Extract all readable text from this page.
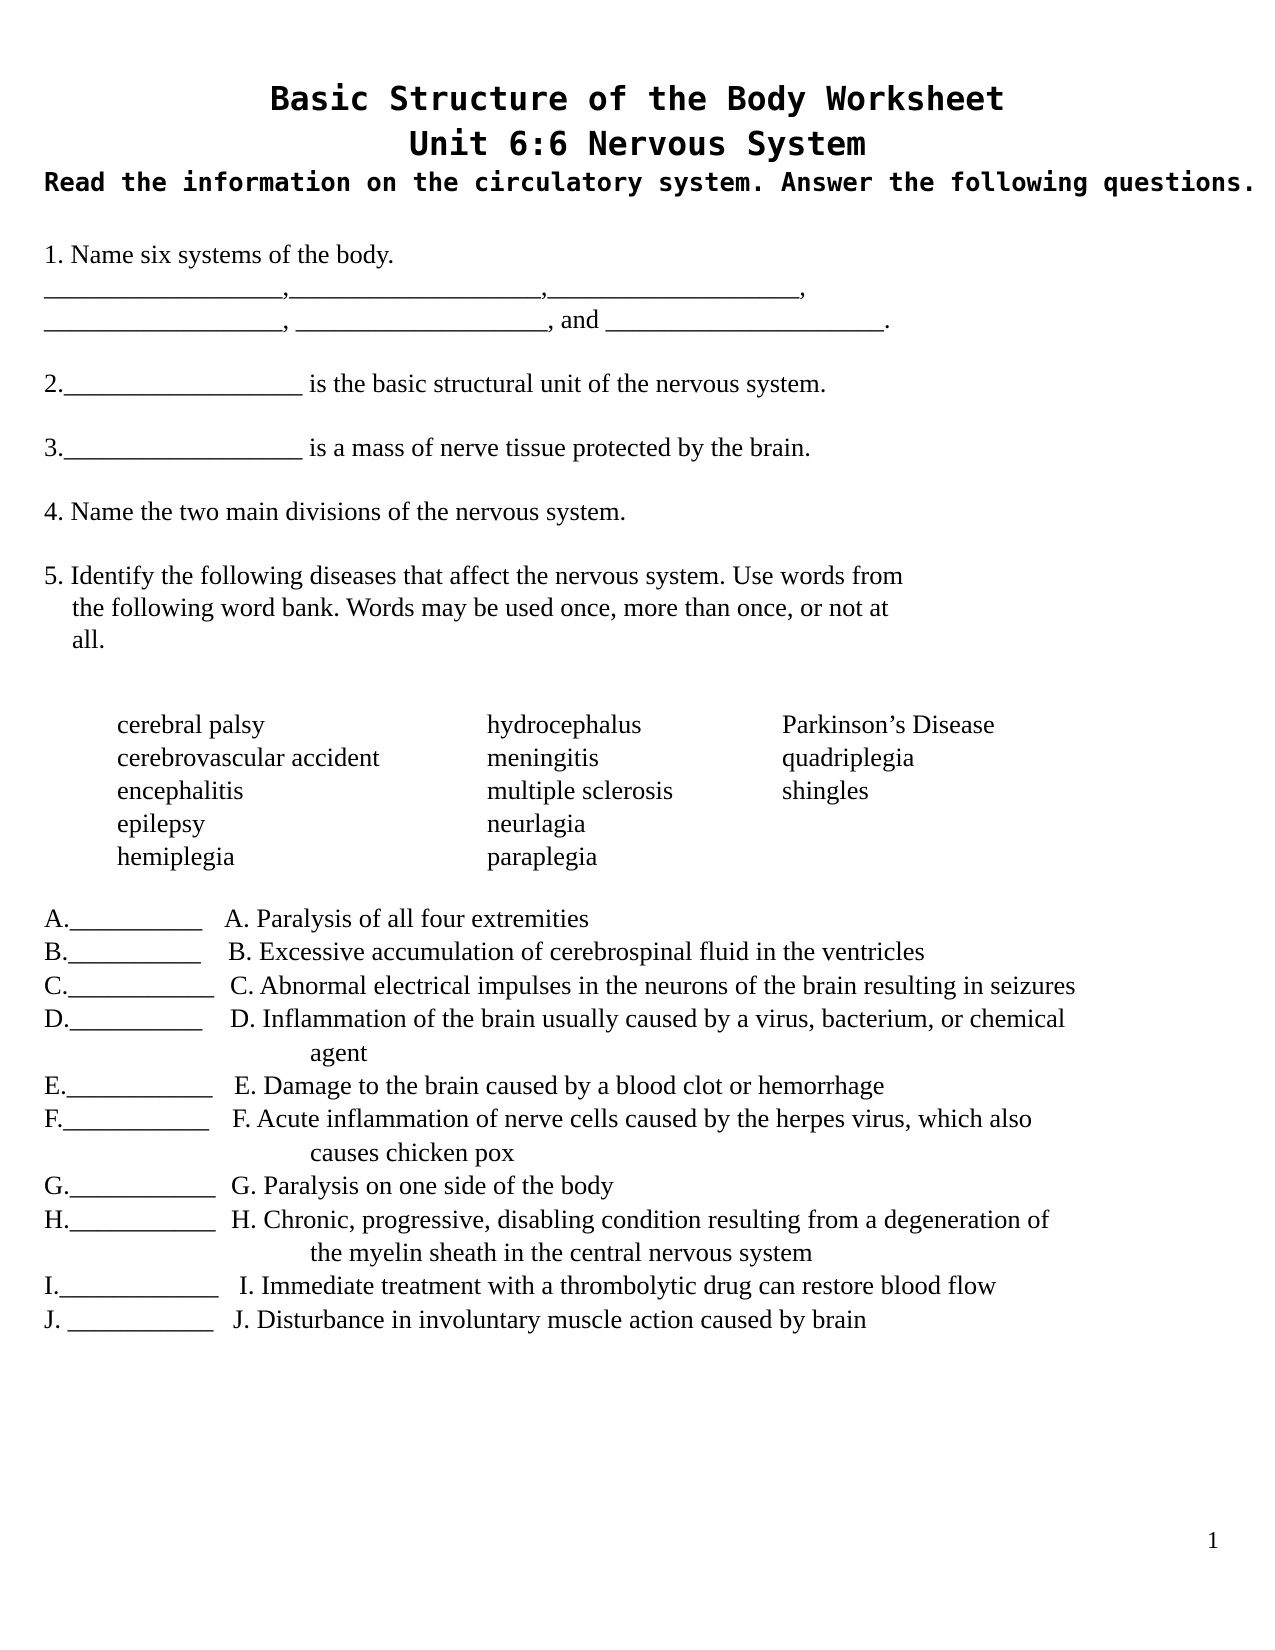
Basic Structure of the Body Worksheet
Unit 6:6 Nervous System
Read the information on the circulatory system. Answer the following questions.
1. Name six systems of the body.
__________________,___________________,___________________,
__________________, ___________________, and _____________________.
2.__________________ is the basic structural unit of the nervous system.
3.__________________ is a mass of nerve tissue protected by the brain.
4. Name the two main divisions of the nervous system.
5. Identify the following diseases that affect the nervous system. Use words from
the following word bank. Words may be used once, more than once, or not at
all.
cerebral palsy
cerebrovascular accident
encephalitis
epilepsy
hemiplegia
hydrocephalus
meningitis
multiple sclerosis
neurlagia
paraplegia
Parkinson’s Disease
quadriplegia
shingles
A.__________ A. Paralysis of all four extremities
B.__________ B. Excessive accumulation of cerebrospinal fluid in the ventricles
C.___________ C. Abnormal electrical impulses in the neurons of the brain resulting in seizures
D.__________ D. Inflammation of the brain usually caused by a virus, bacterium, or chemical
agent
E.___________ E. Damage to the brain caused by a blood clot or hemorrhage
F.___________ F. Acute inflammation of nerve cells caused by the herpes virus, which also
causes chicken pox
G.___________ G. Paralysis on one side of the body
H.___________ H. Chronic, progressive, disabling condition resulting from a degeneration of
the myelin sheath in the central nervous system
I.____________ I. Immediate treatment with a thrombolytic drug can restore blood flow
J. ___________ J. Disturbance in involuntary muscle action caused by brain
1
